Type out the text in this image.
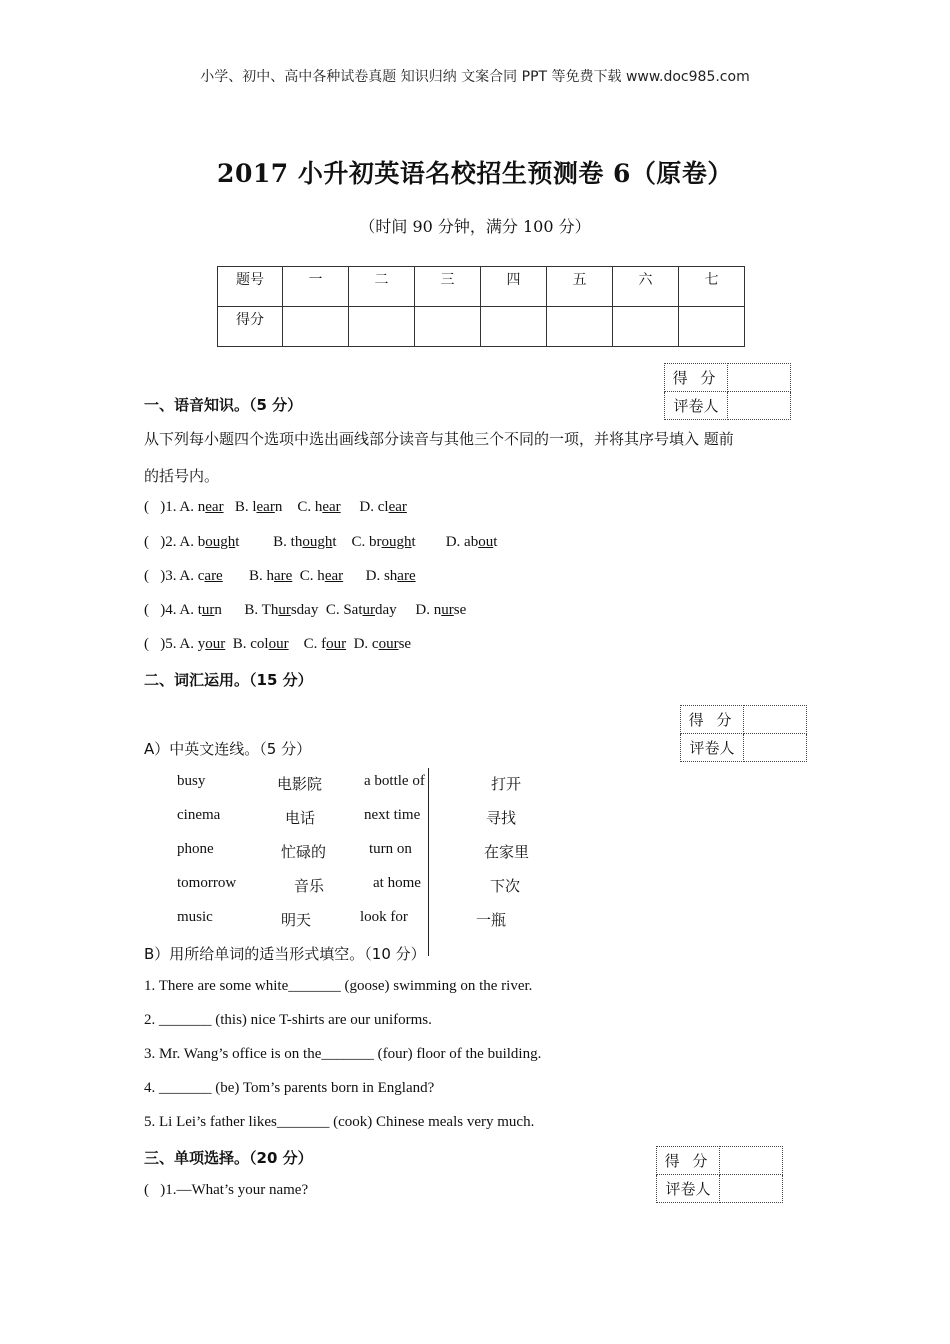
小学、初中、高中各种试卷真题 知识归纳 文案合同 PPT 等免费下载 www.doc985.com
2017 小升初英语名校招生预测卷 6（原卷）
（时间 90 分钟，满分 100 分）
题号	一	二	三	四	五	六	七
得分							
得 分	
评卷人	
一、语音知识。（5 分）
从下列每小题四个选项中选出画线部分读音与其他三个不同的一项，并将其序号填入 题前
的括号内。
(   )1. A. near   B. learn    C. hear     D. clear
(   )2. A. bought         B. thought    C. brought        D. about
(   )3. A. care       B. hare  C. hear      D. share
(   )4. A. turn      B. Thursday  C. Saturday     D. nurse
(   )5. A. your  B. colour    C. four  D. course
二、词汇运用。（15 分）
得 分	
评卷人	
A）中英文连线。（5 分）
busy	电影院	a bottle of	打开
cinema	电话	next time	寻找
phone	忙碌的	turn on	在家里
tomorrow	音乐	at home	下次
music	明天	look for	一瓶
B）用所给单词的适当形式填空。（10 分）
1. There are some white_______ (goose) swimming on the river.
2. _______ (this) nice T-shirts are our uniforms.
3. Mr. Wang’s office is on the_______ (four) floor of the building.
4. _______ (be) Tom’s parents born in England?
5. Li Lei’s father likes_______ (cook) Chinese meals very much.
三、单项选择。（20 分）	得 分	
评卷人	
(   )1.—What’s your name?
